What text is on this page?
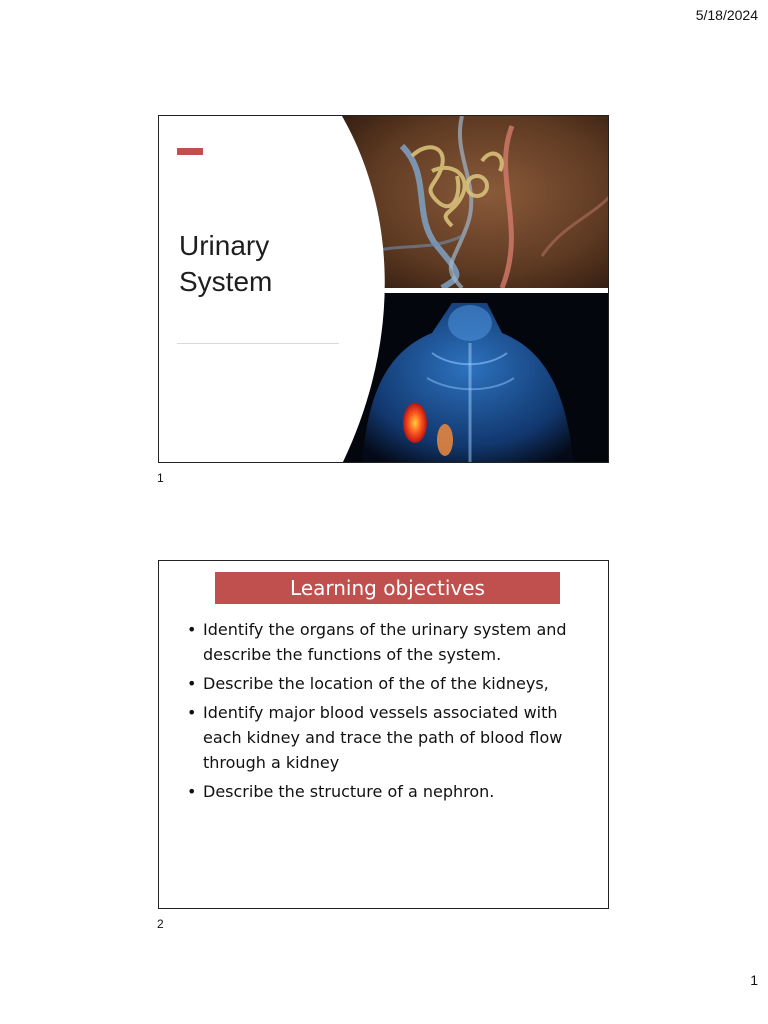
5/18/2024
Urinary
System
1
Learning objectives
• Identify the organs of the urinary system and describe the functions of the system.
• Describe the location of the of the kidneys,
• Identify major blood vessels associated with each kidney and trace the path of blood flow through a kidney
• Describe the structure of a nephron.
2
1
